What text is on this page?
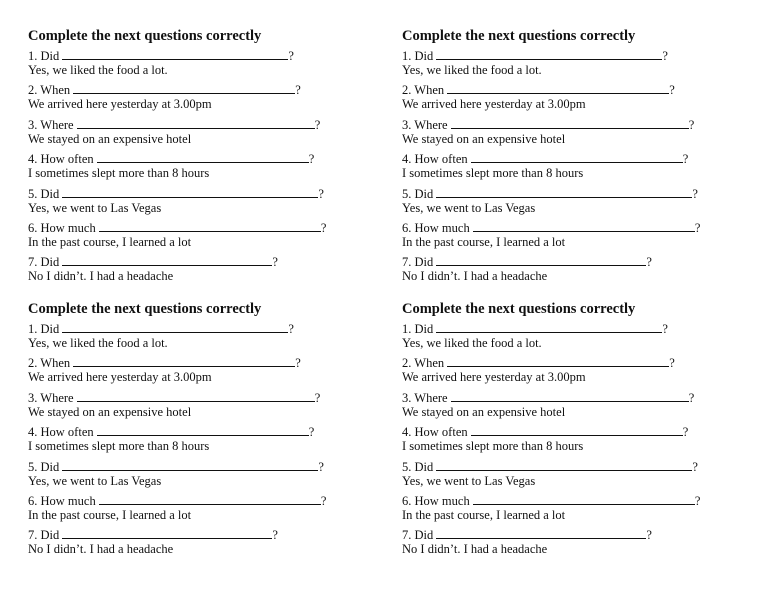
Complete the next questions correctly
1. Did	?
Yes, we liked the food a lot.
2. When	?
We arrived here yesterday at 3.00pm
3. Where	?
We stayed on an expensive hotel
4. How often	?
I sometimes slept more than 8 hours
5. Did	?
Yes, we went to Las Vegas
6. How much	?
In the past course, I learned a lot
7. Did	?
No I didn’t. I had a headache
Complete the next questions correctly
1. Did	?
Yes, we liked the food a lot.
2. When	?
We arrived here yesterday at 3.00pm
3. Where	?
We stayed on an expensive hotel
4. How often	?
I sometimes slept more than 8 hours
5. Did	?
Yes, we went to Las Vegas
6. How much	?
In the past course, I learned a lot
7. Did	?
No I didn’t. I had a headache
Complete the next questions correctly
1. Did	?
Yes, we liked the food a lot.
2. When	?
We arrived here yesterday at 3.00pm
3. Where	?
We stayed on an expensive hotel
4. How often	?
I sometimes slept more than 8 hours
5. Did	?
Yes, we went to Las Vegas
6. How much	?
In the past course, I learned a lot
7. Did	?
No I didn’t. I had a headache
Complete the next questions correctly
1. Did	?
Yes, we liked the food a lot.
2. When	?
We arrived here yesterday at 3.00pm
3. Where	?
We stayed on an expensive hotel
4. How often	?
I sometimes slept more than 8 hours
5. Did	?
Yes, we went to Las Vegas
6. How much	?
In the past course, I learned a lot
7. Did	?
No I didn’t. I had a headache
